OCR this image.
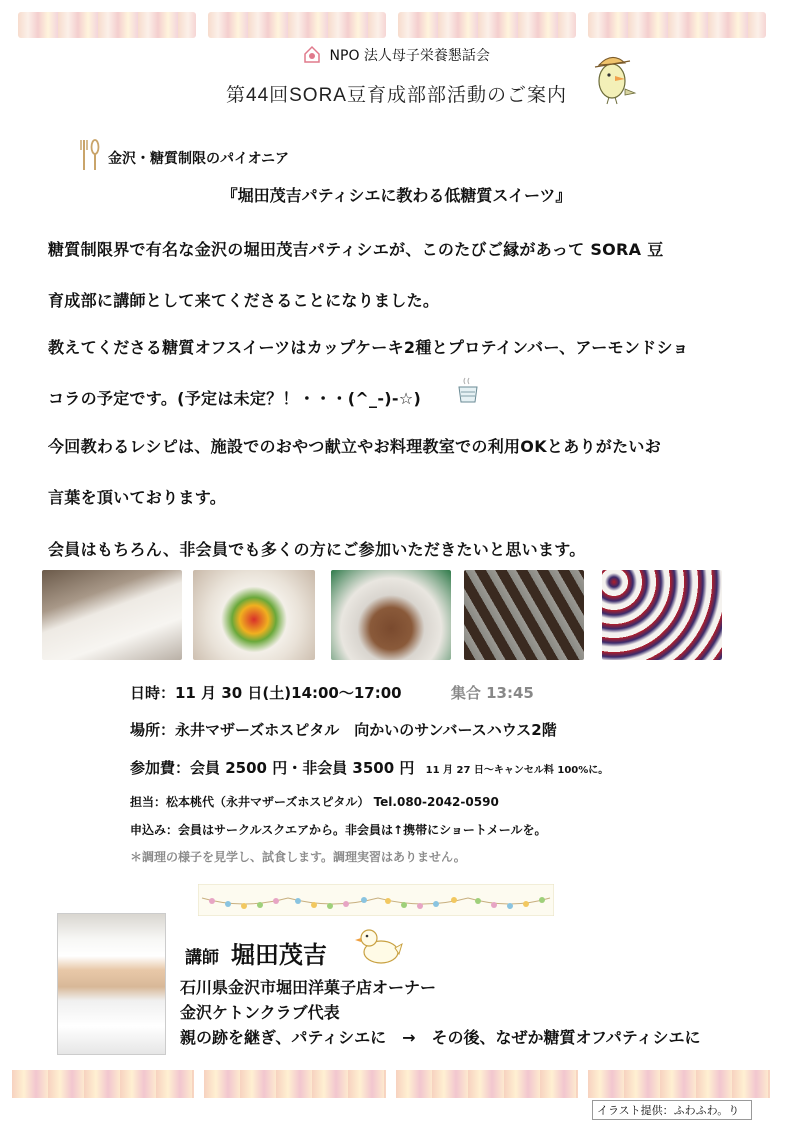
NPO 法人母子栄養懇話会
第44回SORA豆育成部部活動のご案内
金沢・糖質制限のパイオニア
『堀田茂吉パティシエに教わる低糖質スイーツ』
糖質制限界で有名な金沢の堀田茂吉パティシエが、このたびご縁があって SORA 豆
育成部に講師として来てくださることになりました。
教えてくださる糖質オフスイーツはカップケーキ2種とプロテインバー、アーモンドショ
コラの予定です。(予定は未定？！・・・(^_-)-☆)
今回教わるレシピは、施設でのおやつ献立やお料理教室での利用OKとありがたいお
言葉を頂いております。
会員はもちろん、非会員でも多くの方にご参加いただきたいと思います。
日時：11 月 30 日(土)14:00～17:00	集合 13:45
場所：永井マザーズホスピタル　向かいのサンバースハウス2階
参加費：会員 2500 円・非会員 3500 円 11 月 27 日～キャンセル料 100%に。
担当：松本桃代（永井マザーズホスピタル） Tel.080-2042-0590
申込み：会員はサークルスクエアから。非会員は↑携帯にショートメールを。
＊調理の様子を見学し、試食します。調理実習はありません。
講師 堀田茂吉
石川県金沢市堀田洋菓子店オーナー
金沢ケトンクラブ代表
親の跡を継ぎ、パティシエに　→　その後、なぜか糖質オフパティシエに
イラスト提供：ふわふわ。り
